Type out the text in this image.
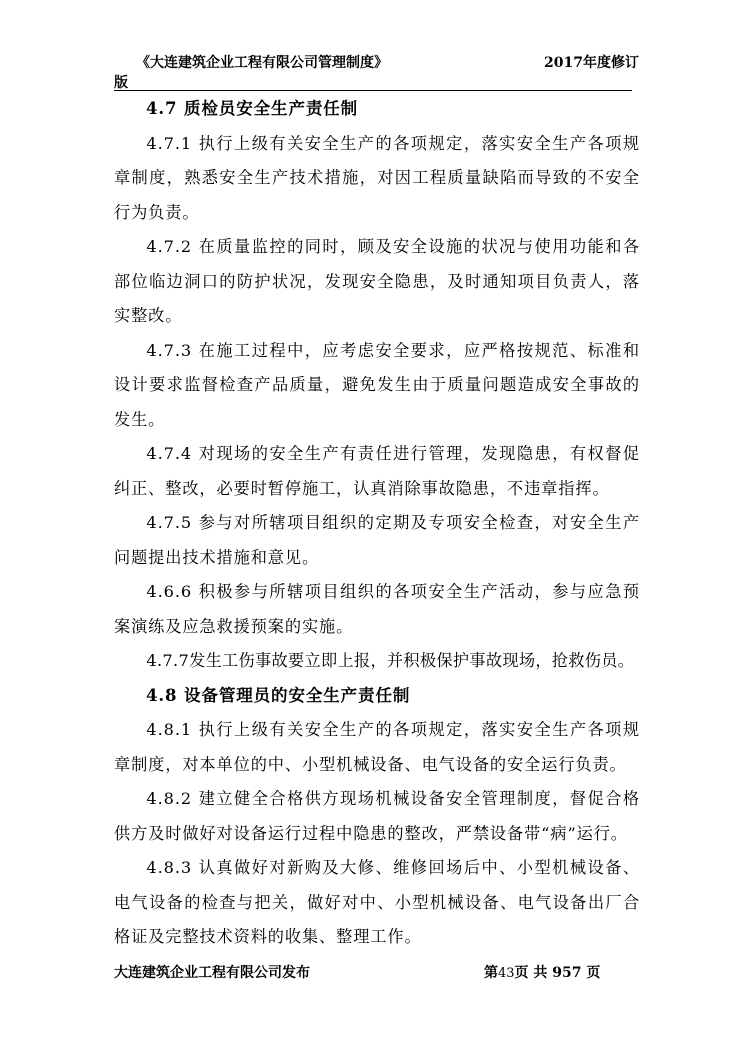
《大连建筑企业工程有限公司管理制度》	2017年度修订
版
4.7 质检员安全生产责任制

4.7.1 执行上级有关安全生产的各项规定，落实安全生产各项规章制度，熟悉安全生产技术措施，对因工程质量缺陷而导致的不安全行为负责。

4.7.2 在质量监控的同时，顾及安全设施的状况与使用功能和各部位临边洞口的防护状况，发现安全隐患，及时通知项目负责人，落实整改。

4.7.3 在施工过程中，应考虑安全要求，应严格按规范、标准和设计要求监督检查产品质量，避免发生由于质量问题造成安全事故的发生。

4.7.4 对现场的安全生产有责任进行管理，发现隐患，有权督促纠正、整改，必要时暂停施工，认真消除事故隐患，不违章指挥。

4.7.5 参与对所辖项目组织的定期及专项安全检查，对安全生产问题提出技术措施和意见。

4.6.6 积极参与所辖项目组织的各项安全生产活动，参与应急预案演练及应急救援预案的实施。

4.7.7发生工伤事故要立即上报，并积极保护事故现场，抢救伤员。

4.8 设备管理员的安全生产责任制

4.8.1 执行上级有关安全生产的各项规定，落实安全生产各项规章制度，对本单位的中、小型机械设备、电气设备的安全运行负责。

4.8.2 建立健全合格供方现场机械设备安全管理制度，督促合格供方及时做好对设备运行过程中隐患的整改，严禁设备带“病”运行。

4.8.3 认真做好对新购及大修、维修回场后中、小型机械设备、电气设备的检查与把关，做好对中、小型机械设备、电气设备出厂合格证及完整技术资料的收集、整理工作。

大连建筑企业工程有限公司发布	第43页 共 957 页
